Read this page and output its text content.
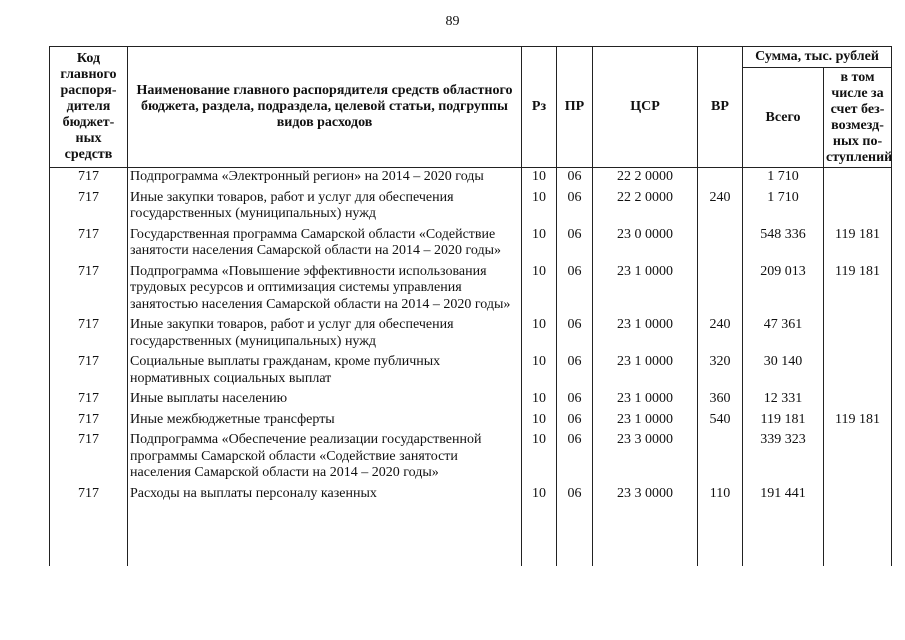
89
Код главного распоря-дителя бюджет-ных средств	Наименование главного распорядителя средств областного бюджета, раздела, подраздела, целевой статьи, подгруппы видов расходов	Рз	ПР	ЦСР	ВР	Сумма, тыс. рублей	
						Всего	в том числе за счет без-возмезд-ных по-ступлений
717	Подпрограмма «Электронный регион» на 2014 – 2020 годы	10	06	22 2 0000		1 710	
717	Иные закупки товаров, работ и услуг для обеспечения государственных (муниципальных) нужд	10	06	22 2 0000	240	1 710	
717	Государственная программа Самарской области «Содействие занятости населения Самарской области на 2014 – 2020 годы»	10	06	23 0 0000		548 336	119 181
717	Подпрограмма «Повышение эффективности использования трудовых ресурсов и оптимизация системы управления занятостью населения Самарской области на 2014 – 2020 годы»	10	06	23 1 0000		209 013	119 181
717	Иные закупки товаров, работ и услуг для обеспечения государственных (муниципальных) нужд	10	06	23 1 0000	240	47 361	
717	Социальные выплаты гражданам, кроме публичных нормативных социальных выплат	10	06	23 1 0000	320	30 140	
717	Иные выплаты населению	10	06	23 1 0000	360	12 331	
717	Иные межбюджетные трансферты	10	06	23 1 0000	540	119 181	119 181
717	Подпрограмма «Обеспечение реализации государственной программы Самарской области «Содействие занятости населения Самарской области на 2014 – 2020 годы»	10	06	23 3 0000		339 323	
717	Расходы на выплаты персоналу казенных	10	06	23 3 0000	110	191 441	
